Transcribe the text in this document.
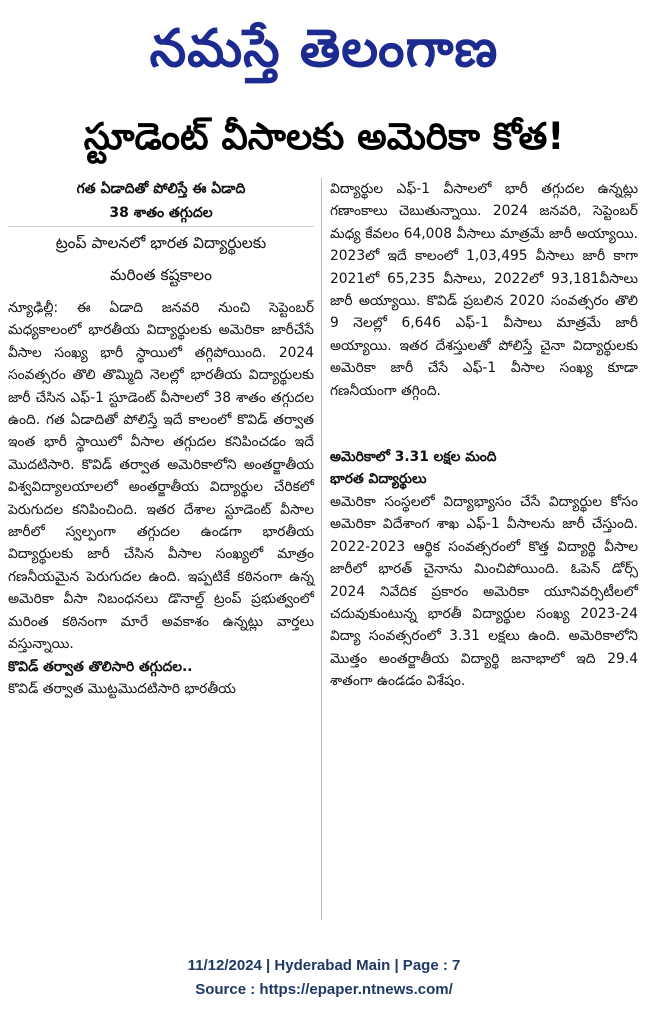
నమస్తే తెలంగాణ
స్టూడెంట్ వీసాలకు అమెరికా కోత!
గత ఏడాదితో పోలిస్తే ఈ ఏడాది
38 శాతం తగ్గుదల
ట్రంప్ పాలనలో భారత విద్యార్థులకు
మరింత కష్టకాలం

న్యూఢిల్లీ: ఈ ఏడాది జనవరి నుంచి సెప్టెంబర్ మధ్యకాలంలో భారతీయ విద్యార్థులకు అమెరికా జారీచేసే వీసాల సంఖ్య భారీ స్థాయిలో తగ్గిపోయింది. 2024 సంవత్సరం తొలి తొమ్మిది నెలల్లో భారతీయ విద్యార్థులకు జారీ చేసిన ఎఫ్-1 స్టూడెంట్ వీసాలలో 38 శాతం తగ్గుదల ఉంది. గత ఏడాదితో పోలిస్తే ఇదే కాలంలో కొవిడ్ తర్వాత ఇంత భారీ స్థాయిలో వీసాల తగ్గుదల కనిపించడం ఇదే మొదటిసారి. కొవిడ్ తర్వాత అమెరికాలోని అంతర్జాతీయ విశ్వవిద్యాలయాలలో అంతర్జాతీయ విద్యార్థుల చేరికలో పెరుగుదల కనిపించింది. ఇతర దేశాల స్టూడెంట్ వీసాల జారీలో స్వల్పంగా తగ్గుదల ఉండగా భారతీయ విద్యార్థులకు జారీ చేసిన వీసాల సంఖ్యలో మాత్రం గణనీయమైన పెరుగుదల ఉంది. ఇప్పటికే కఠినంగా ఉన్న అమెరికా వీసా నిబంధనలు డొనాల్డ్ ట్రంప్ ప్రభుత్వంలో మరింత కఠినంగా మారే అవకాశం ఉన్నట్లు వార్తలు వస్తున్నాయి.

కొవిడ్ తర్వాత తొలిసారి తగ్గుదల..

కొవిడ్ తర్వాత మొట్టమొదటిసారి భారతీయ

విద్యార్థుల ఎఫ్-1 వీసాలలో భారీ తగ్గుదల ఉన్నట్లు గణాంకాలు చెబుతున్నాయి. 2024 జనవరి, సెప్టెంబర్ మధ్య కేవలం 64,008 వీసాలు మాత్రమే జారీ అయ్యాయి. 2023లో ఇదే కాలంలో 1,03,495 వీసాలు జారీ కాగా 2021లో 65,235 వీసాలు, 2022లో 93,181వీసాలు జారీ అయ్యాయి. కొవిడ్ ప్రబలిన 2020 సంవత్సరం తొలి 9 నెలల్లో 6,646 ఎఫ్-1 వీసాలు మాత్రమే జారీ అయ్యాయి. ఇతర దేశస్తులతో పోలిస్తే చైనా విద్యార్థులకు అమెరికా జారీ చేసే ఎఫ్-1 వీసాల సంఖ్య కూడా గణనీయంగా తగ్గింది.

అమెరికాలో 3.31 లక్షల మంది

భారత విద్యార్థులు

అమెరికా సంస్థలలో విద్యాభ్యాసం చేసే విద్యార్థుల కోసం అమెరికా విదేశాంగ శాఖ ఎఫ్-1 వీసాలను జారీ చేస్తుంది. 2022-2023 ఆర్థిక సంవత్సరంలో కొత్త విద్యార్థి వీసాల జారీలో భారత్ చైనాను మించిపోయింది. ఓపెన్ డోర్స్ 2024 నివేదిక ప్రకారం అమెరికా యూనివర్సిటీలలో చదువుకుంటున్న భారతీ విద్యార్థుల సంఖ్య 2023-24 విద్యా సంవత్సరంలో 3.31 లక్షలు ఉంది. అమెరికాలోని మొత్తం అంతర్జాతీయ విద్యార్థి జనాభాలో ఇది 29.4 శాతంగా ఉండడం విశేషం.

11/12/2024 | Hyderabad Main | Page : 7
Source : https://epaper.ntnews.com/
